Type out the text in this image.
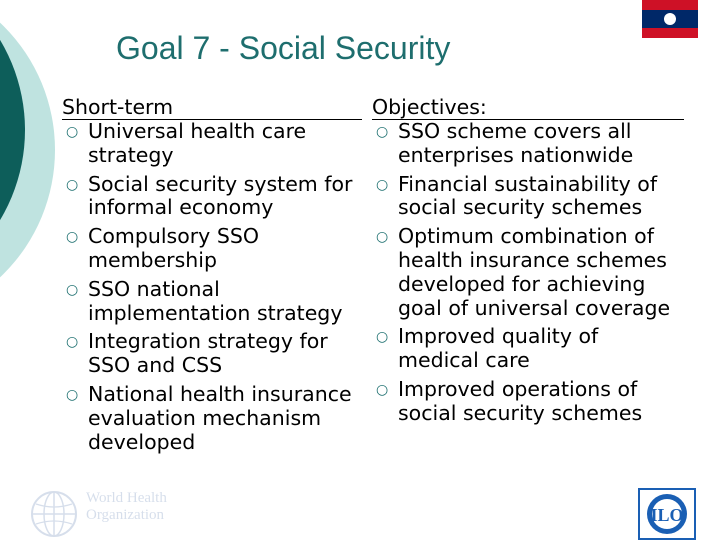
Goal 7 - Social Security
Short-term
○ Universal health care strategy
○ Social security system for informal economy
○ Compulsory SSO membership
○ SSO national implementation strategy
○ Integration strategy for SSO and CSS
○ National health insurance evaluation mechanism developed
Objectives:
○ SSO scheme covers all enterprises nationwide
○ Financial sustainability of social security schemes
○ Optimum combination of health insurance schemes developed for achieving goal of universal coverage
○ Improved quality of medical care
○ Improved operations of social security schemes
World Health
Organization	ILO
